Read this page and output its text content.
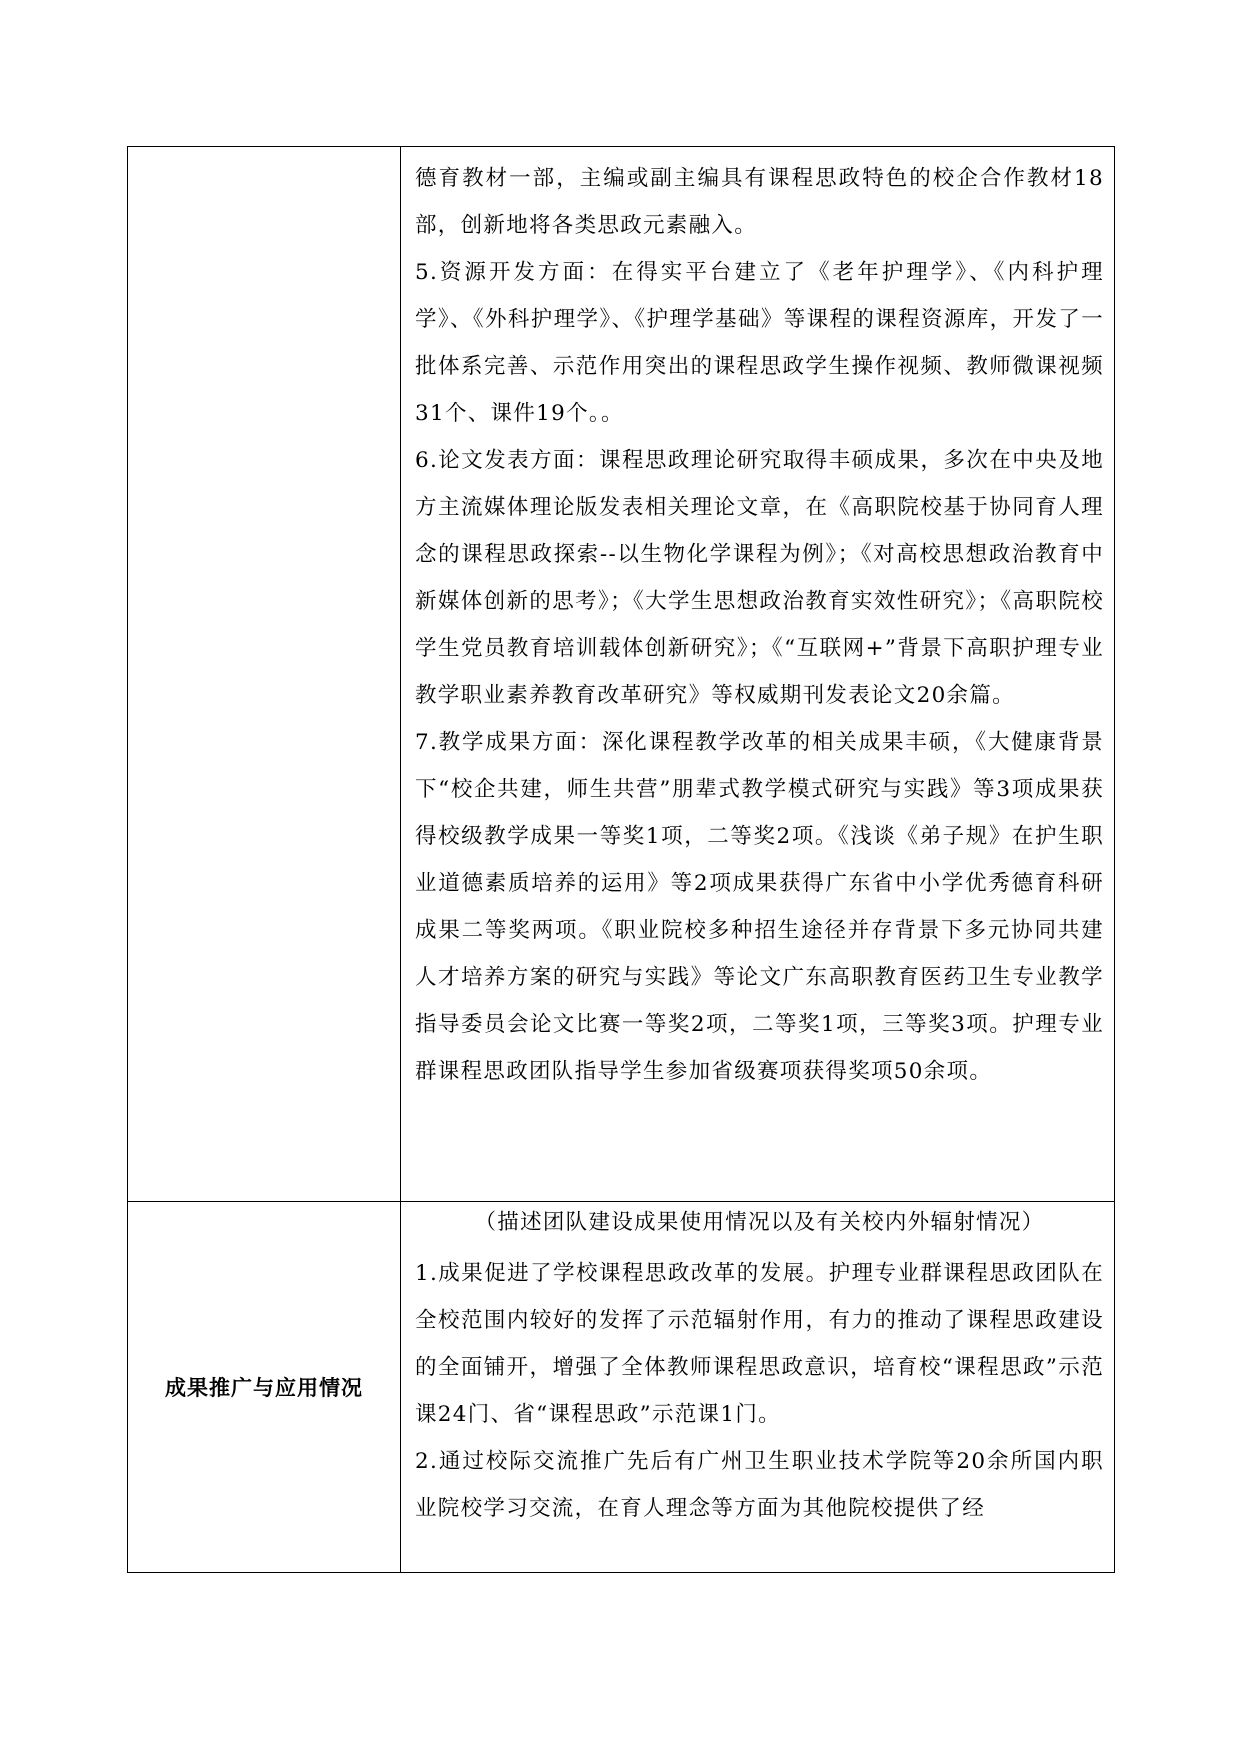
	德育教材一部，主编或副主编具有课程思政特色的校企合作教材18部，创新地将各类思政元素融入。

5.资源开发方面：在得实平台建立了《老年护理学》、《内科护理学》、《外科护理学》、《护理学基础》等课程的课程资源库，开发了一批体系完善、示范作用突出的课程思政学生操作视频、教师微课视频31个、课件19个。。

6.论文发表方面：课程思政理论研究取得丰硕成果，多次在中央及地方主流媒体理论版发表相关理论文章，在《高职院校基于协同育人理念的课程思政探索--以生物化学课程为例》；《对高校思想政治教育中新媒体创新的思考》；《大学生思想政治教育实效性研究》；《高职院校学生党员教育培训载体创新研究》；《“互联网+”背景下高职护理专业教学职业素养教育改革研究》等权威期刊发表论文20余篇。

7.教学成果方面：深化课程教学改革的相关成果丰硕，《大健康背景下“校企共建，师生共营”朋辈式教学模式研究与实践》等3项成果获得校级教学成果一等奖1项，二等奖2项。《浅谈《弟子规》在护生职业道德素质培养的运用》等2项成果获得广东省中小学优秀德育科研成果二等奖两项。《职业院校多种招生途径并存背景下多元协同共建人才培养方案的研究与实践》等论文广东高职教育医药卫生专业教学指导委员会论文比赛一等奖2项，二等奖1项，三等奖3项。护理专业群课程思政团队指导学生参加省级赛项获得奖项50余项。

成果推广与应用情况	（描述团队建设成果使用情况以及有关校内外辐射情况）

1.成果促进了学校课程思政改革的发展。护理专业群课程思政团队在全校范围内较好的发挥了示范辐射作用，有力的推动了课程思政建设的全面铺开，增强了全体教师课程思政意识，培育校“课程思政”示范课24门、省“课程思政”示范课1门。

2.通过校际交流推广先后有广州卫生职业技术学院等20余所国内职业院校学习交流，在育人理念等方面为其他院校提供了经
